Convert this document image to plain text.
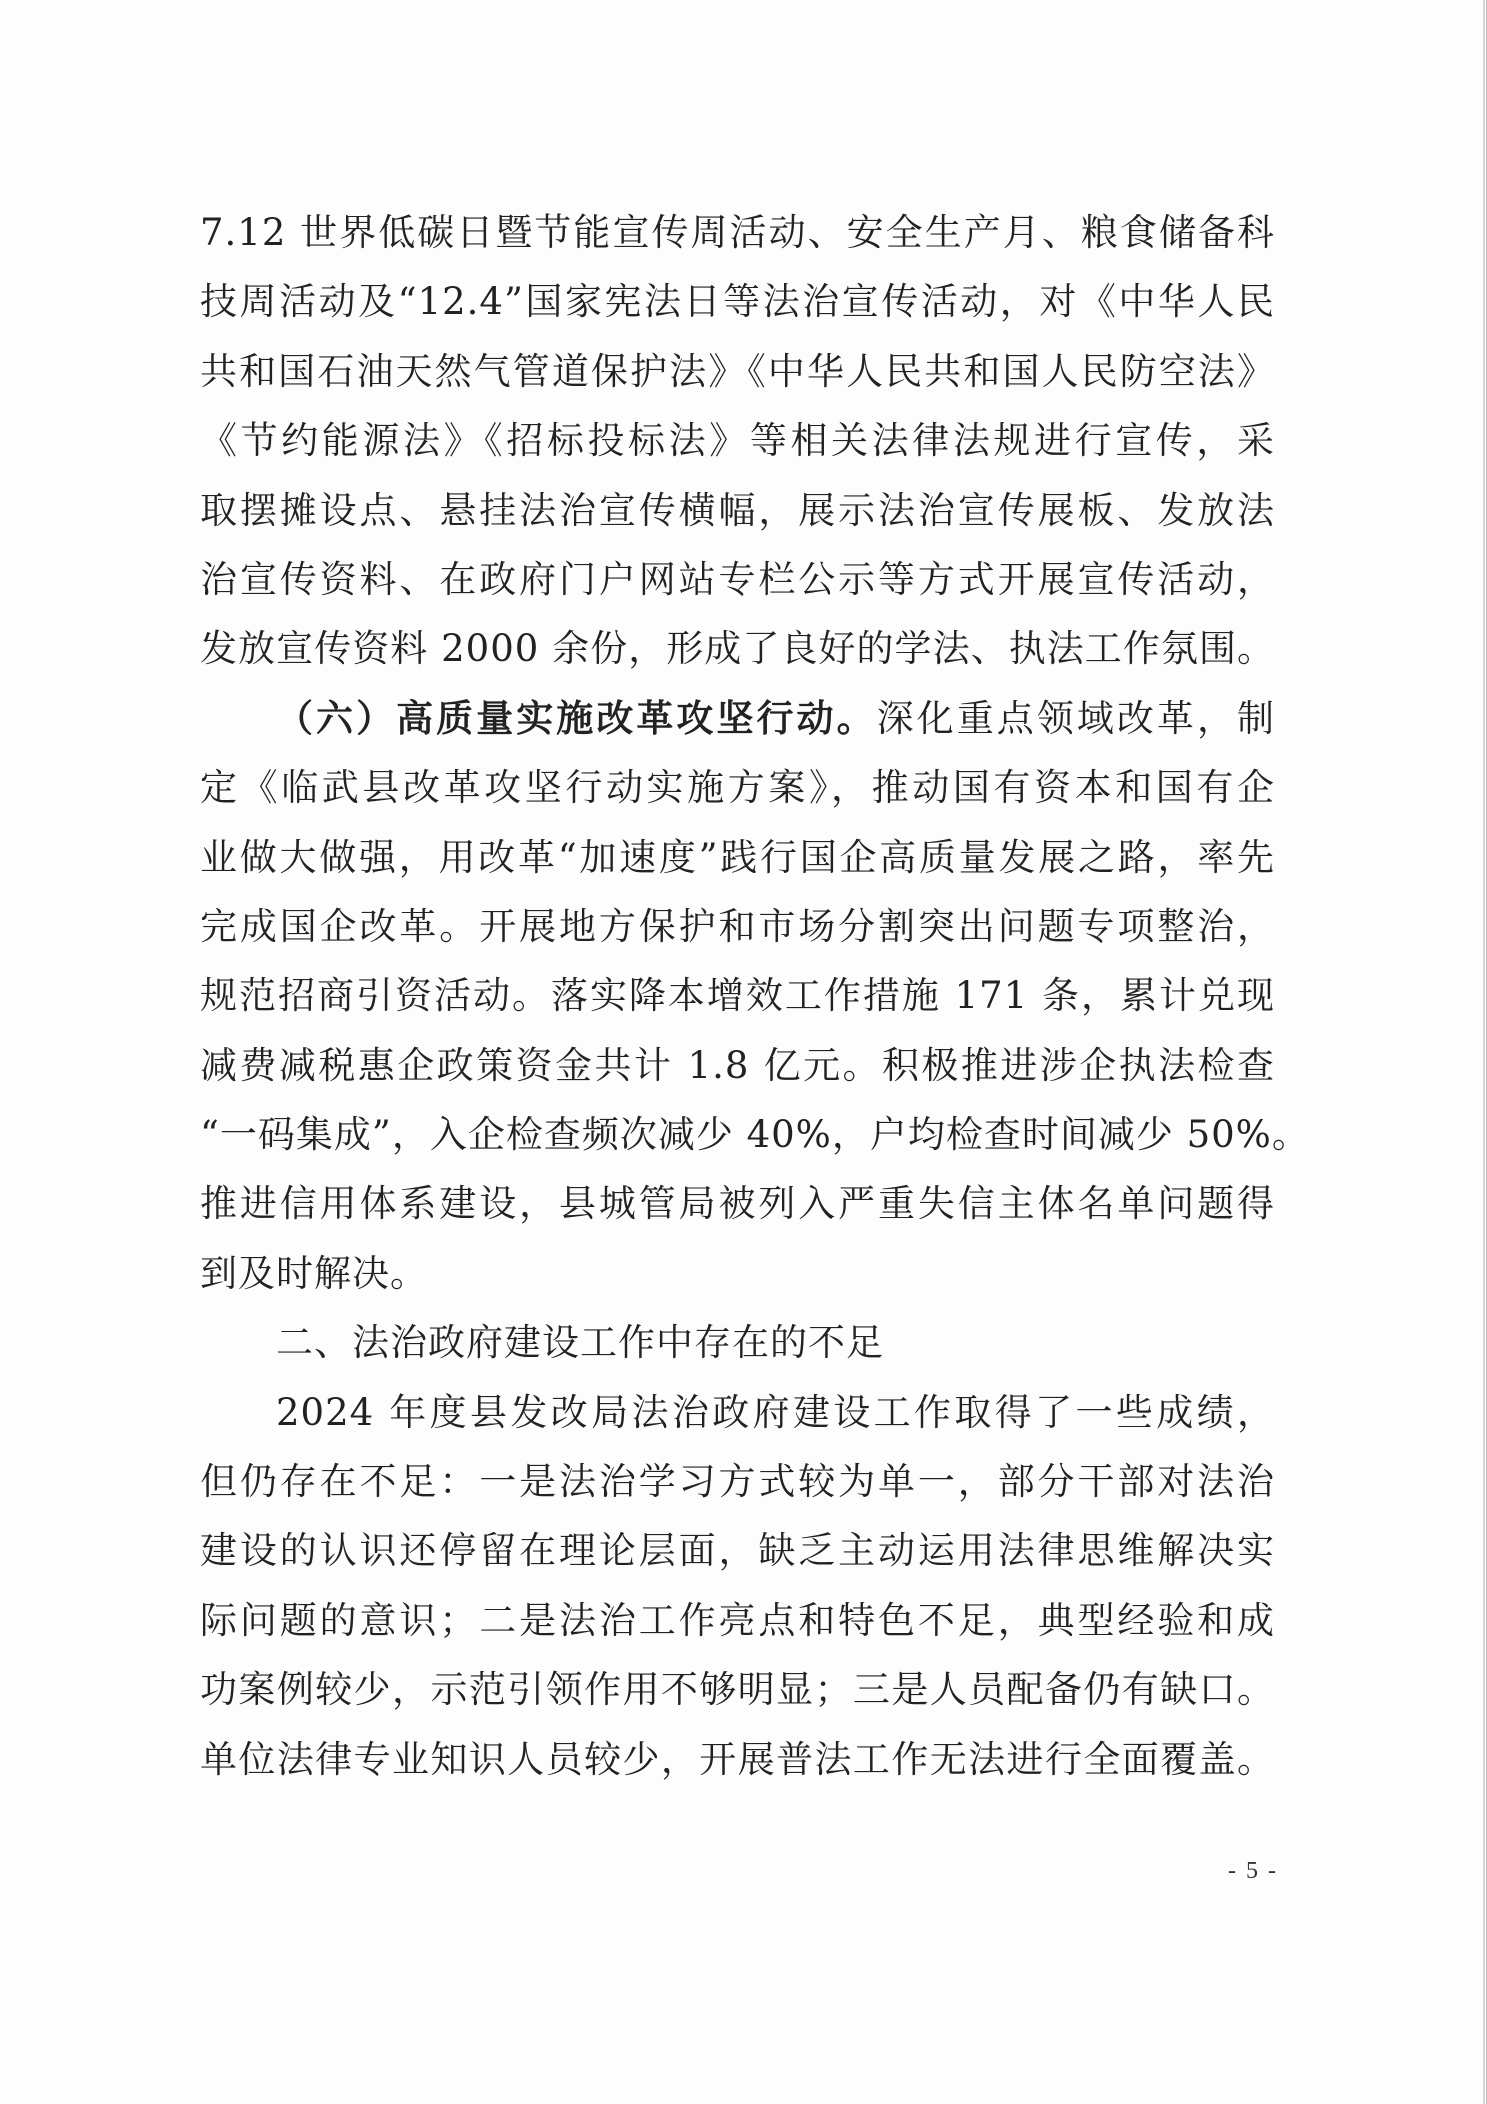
7.12 世界低碳日暨节能宣传周活动、安全生产月、粮食储备科
技周活动及“12.4”国家宪法日等法治宣传活动，对《中华人民
共和国石油天然气管道保护法》《中华人民共和国人民防空法》
《节约能源法》《招标投标法》等相关法律法规进行宣传，采
取摆摊设点、悬挂法治宣传横幅，展示法治宣传展板、发放法
治宣传资料、在政府门户网站专栏公示等方式开展宣传活动，
发放宣传资料 2000 余份，形成了良好的学法、执法工作氛围。
（六）高质量实施改革攻坚行动。深化重点领域改革，制
定《临武县改革攻坚行动实施方案》，推动国有资本和国有企
业做大做强，用改革“加速度”践行国企高质量发展之路，率先
完成国企改革。开展地方保护和市场分割突出问题专项整治，
规范招商引资活动。落实降本增效工作措施 171 条，累计兑现
减费减税惠企政策资金共计 1.8 亿元。积极推进涉企执法检查
“一码集成”，入企检查频次减少 40%，户均检查时间减少 50%。
推进信用体系建设，县城管局被列入严重失信主体名单问题得
到及时解决。
二、法治政府建设工作中存在的不足
2024 年度县发改局法治政府建设工作取得了一些成绩，
但仍存在不足：一是法治学习方式较为单一，部分干部对法治
建设的认识还停留在理论层面，缺乏主动运用法律思维解决实
际问题的意识；二是法治工作亮点和特色不足，典型经验和成
功案例较少，示范引领作用不够明显；三是人员配备仍有缺口。
单位法律专业知识人员较少，开展普法工作无法进行全面覆盖。
- 5 -
